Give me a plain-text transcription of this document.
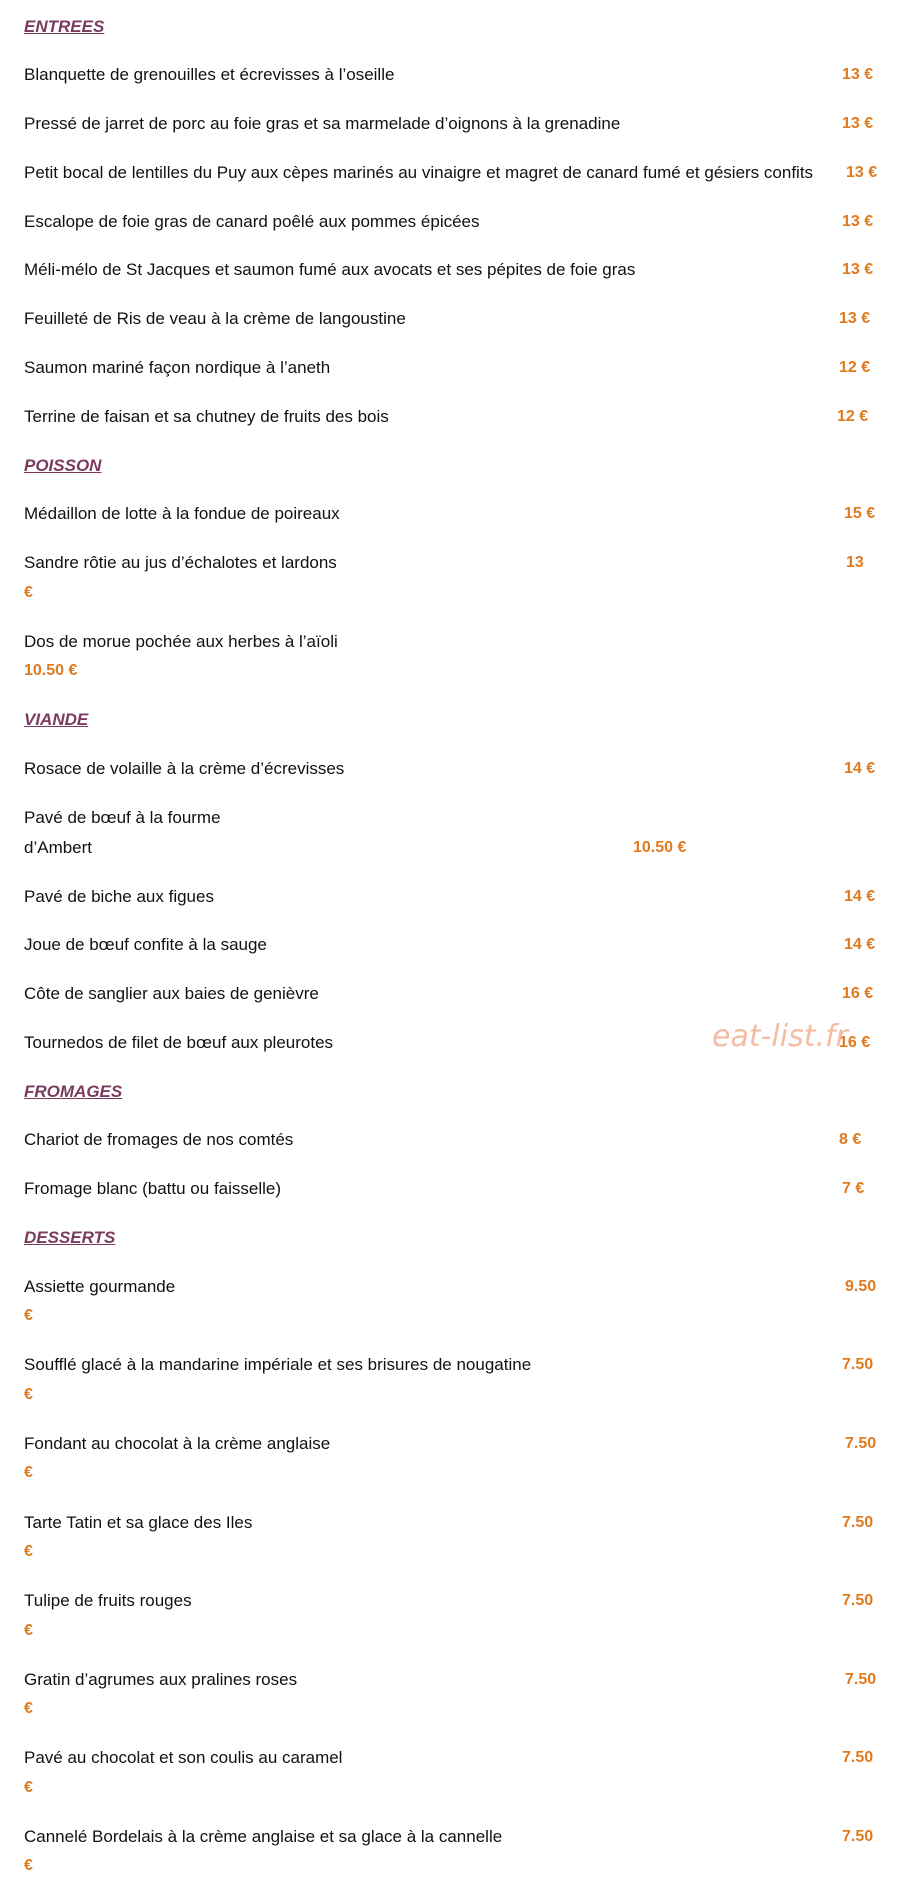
ENTREES
Blanquette de grenouilles et écrevisses à l’oseille	13 €
Pressé de jarret de porc au foie gras et sa marmelade d’oignons à la grenadine	13 €
Petit bocal de lentilles du Puy aux cèpes marinés au vinaigre et magret de canard fumé et gésiers confits 13 €
Escalope de foie gras de canard poêlé aux pommes épicées	13 €
Méli-mélo de St Jacques et saumon fumé aux avocats et ses pépites de foie gras	13 €
Feuilleté de Ris de veau à la crème de langoustine	13 €
Saumon mariné façon nordique à l’aneth	12 €
Terrine de faisan et sa chutney de fruits des bois	12 €
POISSON
Médaillon de lotte à la fondue de poireaux	15 €
Sandre rôtie au jus d’échalotes et lardons	13
€
Dos de morue pochée aux herbes à l’aïoli
10.50 €
VIANDE
Rosace de volaille à la crème d’écrevisses	14 €
Pavé de bœuf à la fourme
d’Ambert	10.50 €
Pavé de biche aux figues	14 €
Joue de bœuf confite à la sauge	14 €
Côte de sanglier aux baies de genièvre	16 €
Tournedos de filet de bœuf aux pleurotes	16 €
eat-list.fr
FROMAGES
Chariot de fromages de nos comtés	8 €
Fromage blanc (battu ou faisselle)	7 €
DESSERTS
Assiette gourmande	9.50
€
Soufflé glacé à la mandarine impériale et ses brisures de nougatine	7.50
€
Fondant au chocolat à la crème anglaise	7.50
€
Tarte Tatin et sa glace des Iles	7.50
€
Tulipe de fruits rouges	7.50
€
Gratin d’agrumes aux pralines roses	7.50
€
Pavé au chocolat et son coulis au caramel	7.50
€
Cannelé Bordelais à la crème anglaise et sa glace à la cannelle	7.50
€
